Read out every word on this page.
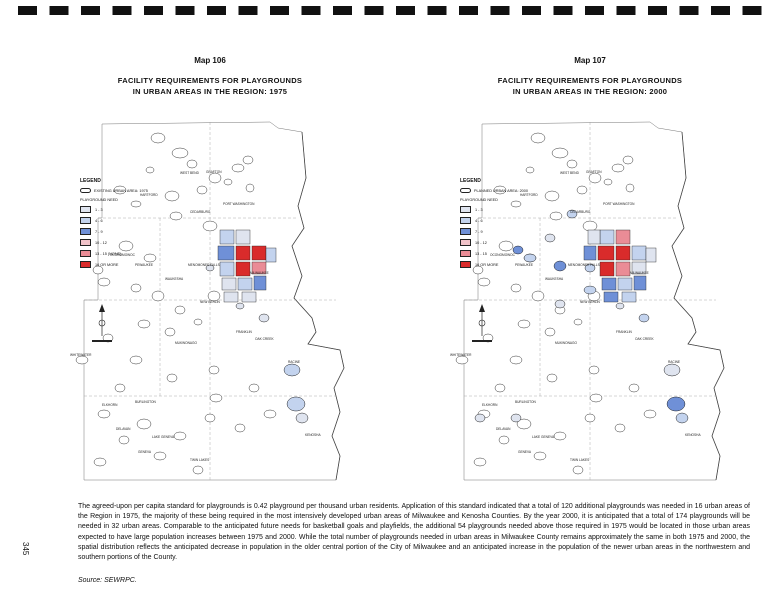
Map 106
FACILITY REQUIREMENTS FOR PLAYGROUNDS
IN URBAN AREAS IN THE REGION: 1975
HARTFORD
WEST BEND GRAFTON
PORT WASHINGTON
CEDARBURG
MENOMONEE FALLS
OCONOMOWOC
PEWAUKEE
WAUKESHA
MILWAUKEE
NEW BERLIN
FRANKLIN
OAK CREEK
MUKWONAGO
WHITEWATER
BURLINGTON
RACINE
LAKE GENEVA	KENOSHA
TWIN LAKES
DELAVAN
ELKHORN
GENEVA
LEGEND
EXISTING URBAN AREA: 1975
PLAYGROUND NEED
1 - 3
4 - 6
7 - 9
10 - 12
13 - 15 (NONE)
16 OR MORE
Map 107
FACILITY REQUIREMENTS FOR PLAYGROUNDS
IN URBAN AREAS IN THE REGION: 2000
HARTFORD
WEST BEND GRAFTON
PORT WASHINGTON
CEDARBURG
MENOMONEE FALLS
OCONOMOWOC
PEWAUKEE
WAUKESHA
MILWAUKEE
NEW BERLIN
FRANKLIN
OAK CREEK
MUKWONAGO
WHITEWATER
BURLINGTON
RACINE
LAKE GENEVA	KENOSHA
TWIN LAKES
DELAVAN
ELKHORN
GENEVA
LEGEND
PLANNED URBAN AREA: 2000
PLAYGROUND NEED
1 - 3
4 - 6
7 - 9
10 - 12
13 - 15
16 OR MORE
The agreed-upon per capita standard for playgrounds is 0.42 playground per thousand urban residents. Application of this standard indicated that a total of 120 additional playgrounds was needed in 16 urban areas of the Region in 1975, the majority of these being required in the most intensively developed urban areas of Milwaukee and Kenosha Counties. By the year 2000, it is anticipated that a total of 174 playgrounds will be needed in 32 urban areas. Comparable to the anticipated future needs for basketball goals and playfields, the additional 54 playgrounds needed above those required in 1975 would be located in those urban areas expected to have large population increases between 1975 and 2000. While the total number of playgrounds needed in urban areas in Milwaukee County remains approximately the same in both 1975 and 2000, the spatial distribution reflects the anticipated decrease in population in the older central portion of the City of Milwaukee and an anticipated increase in the population of the newer urban areas in the northwestern and southern portions of the County.
Source: SEWRPC.
345
